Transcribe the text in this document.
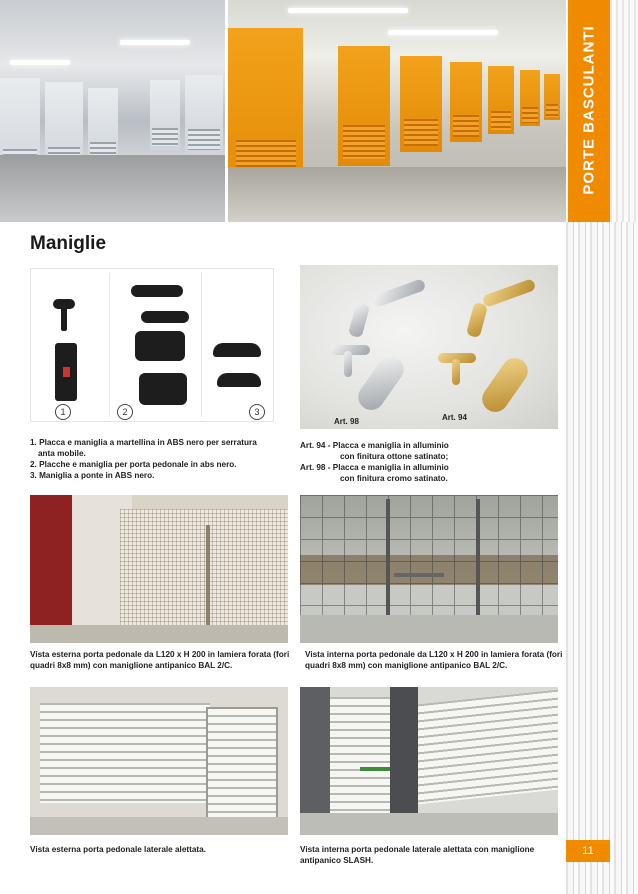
PORTE BASCULANTI
Maniglie
1	2	3
Art. 98	Art. 94

1. Placca e maniglia a martellina in ABS nero per serratura

anta mobile.

2. Placche e maniglia per porta pedonale in abs nero.

3. Maniglia a ponte in ABS nero.

Art. 94 - Placca e maniglia in alluminio

con finitura ottone satinato;

Art. 98 - Placca e maniglia in alluminio

con finitura cromo satinato.

Vista esterna porta pedonale da L120 x H 200 in lamiera forata (fori quadri 8x8 mm) con maniglione antipanico BAL 2/C.
Vista interna porta pedonale da L120 x H 200 in lamiera forata (fori quadri 8x8 mm) con maniglione antipanico BAL 2/C.
Vista esterna porta pedonale laterale alettata.	Vista interna porta pedonale laterale alettata con maniglione antipanico SLASH.
11
